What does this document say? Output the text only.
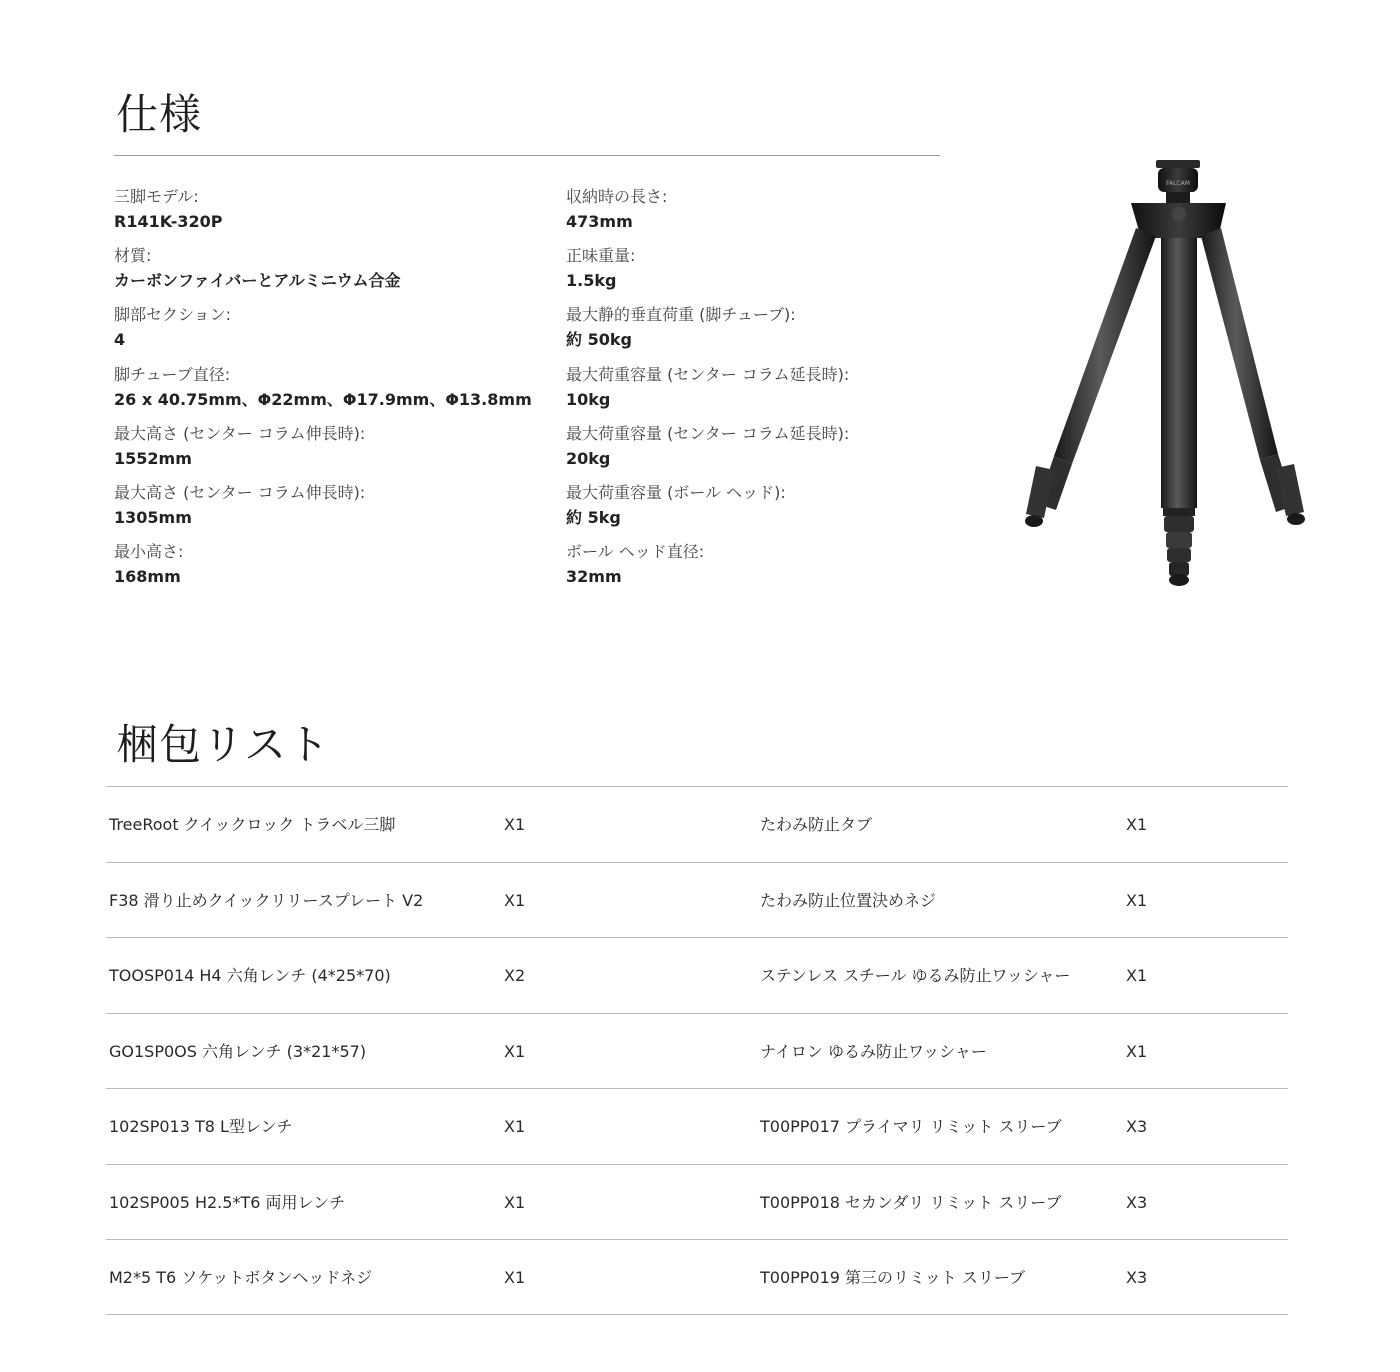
仕様
三脚モデル:
R141K-320P
材質:
カーボンファイバーとアルミニウム合金
脚部セクション:
4
脚チューブ直径:
26 x 40.75mm、Φ22mm、Φ17.9mm、Φ13.8mm
最大高さ (センター コラム伸長時):
1552mm
最大高さ (センター コラム伸長時):
1305mm
最小高さ:
168mm
収納時の長さ:
473mm
正味重量:
1.5kg
最大静的垂直荷重 (脚チューブ):
約 50kg
最大荷重容量 (センター コラム延長時):
10kg
最大荷重容量 (センター コラム延長時):
20kg
最大荷重容量 (ボール ヘッド):
約 5kg
ボール ヘッド直径:
32mm
FALCAM
梱包リスト
TreeRoot クイックロック トラベル三脚	X1	たわみ防止タブ	X1
F38 滑り止めクイックリリースプレート V2	X1	たわみ防止位置決めネジ	X1
TOOSP014 H4 六角レンチ (4*25*70)	X2	ステンレス スチール ゆるみ防止ワッシャー	X1
GO1SP0OS 六角レンチ (3*21*57)	X1	ナイロン ゆるみ防止ワッシャー	X1
102SP013 T8 L型レンチ	X1	T00PP017 プライマリ リミット スリーブ	X3
102SP005 H2.5*T6 両用レンチ	X1	T00PP018 セカンダリ リミット スリーブ	X3
M2*5 T6 ソケットボタンヘッドネジ	X1	T00PP019 第三のリミット スリーブ	X3
